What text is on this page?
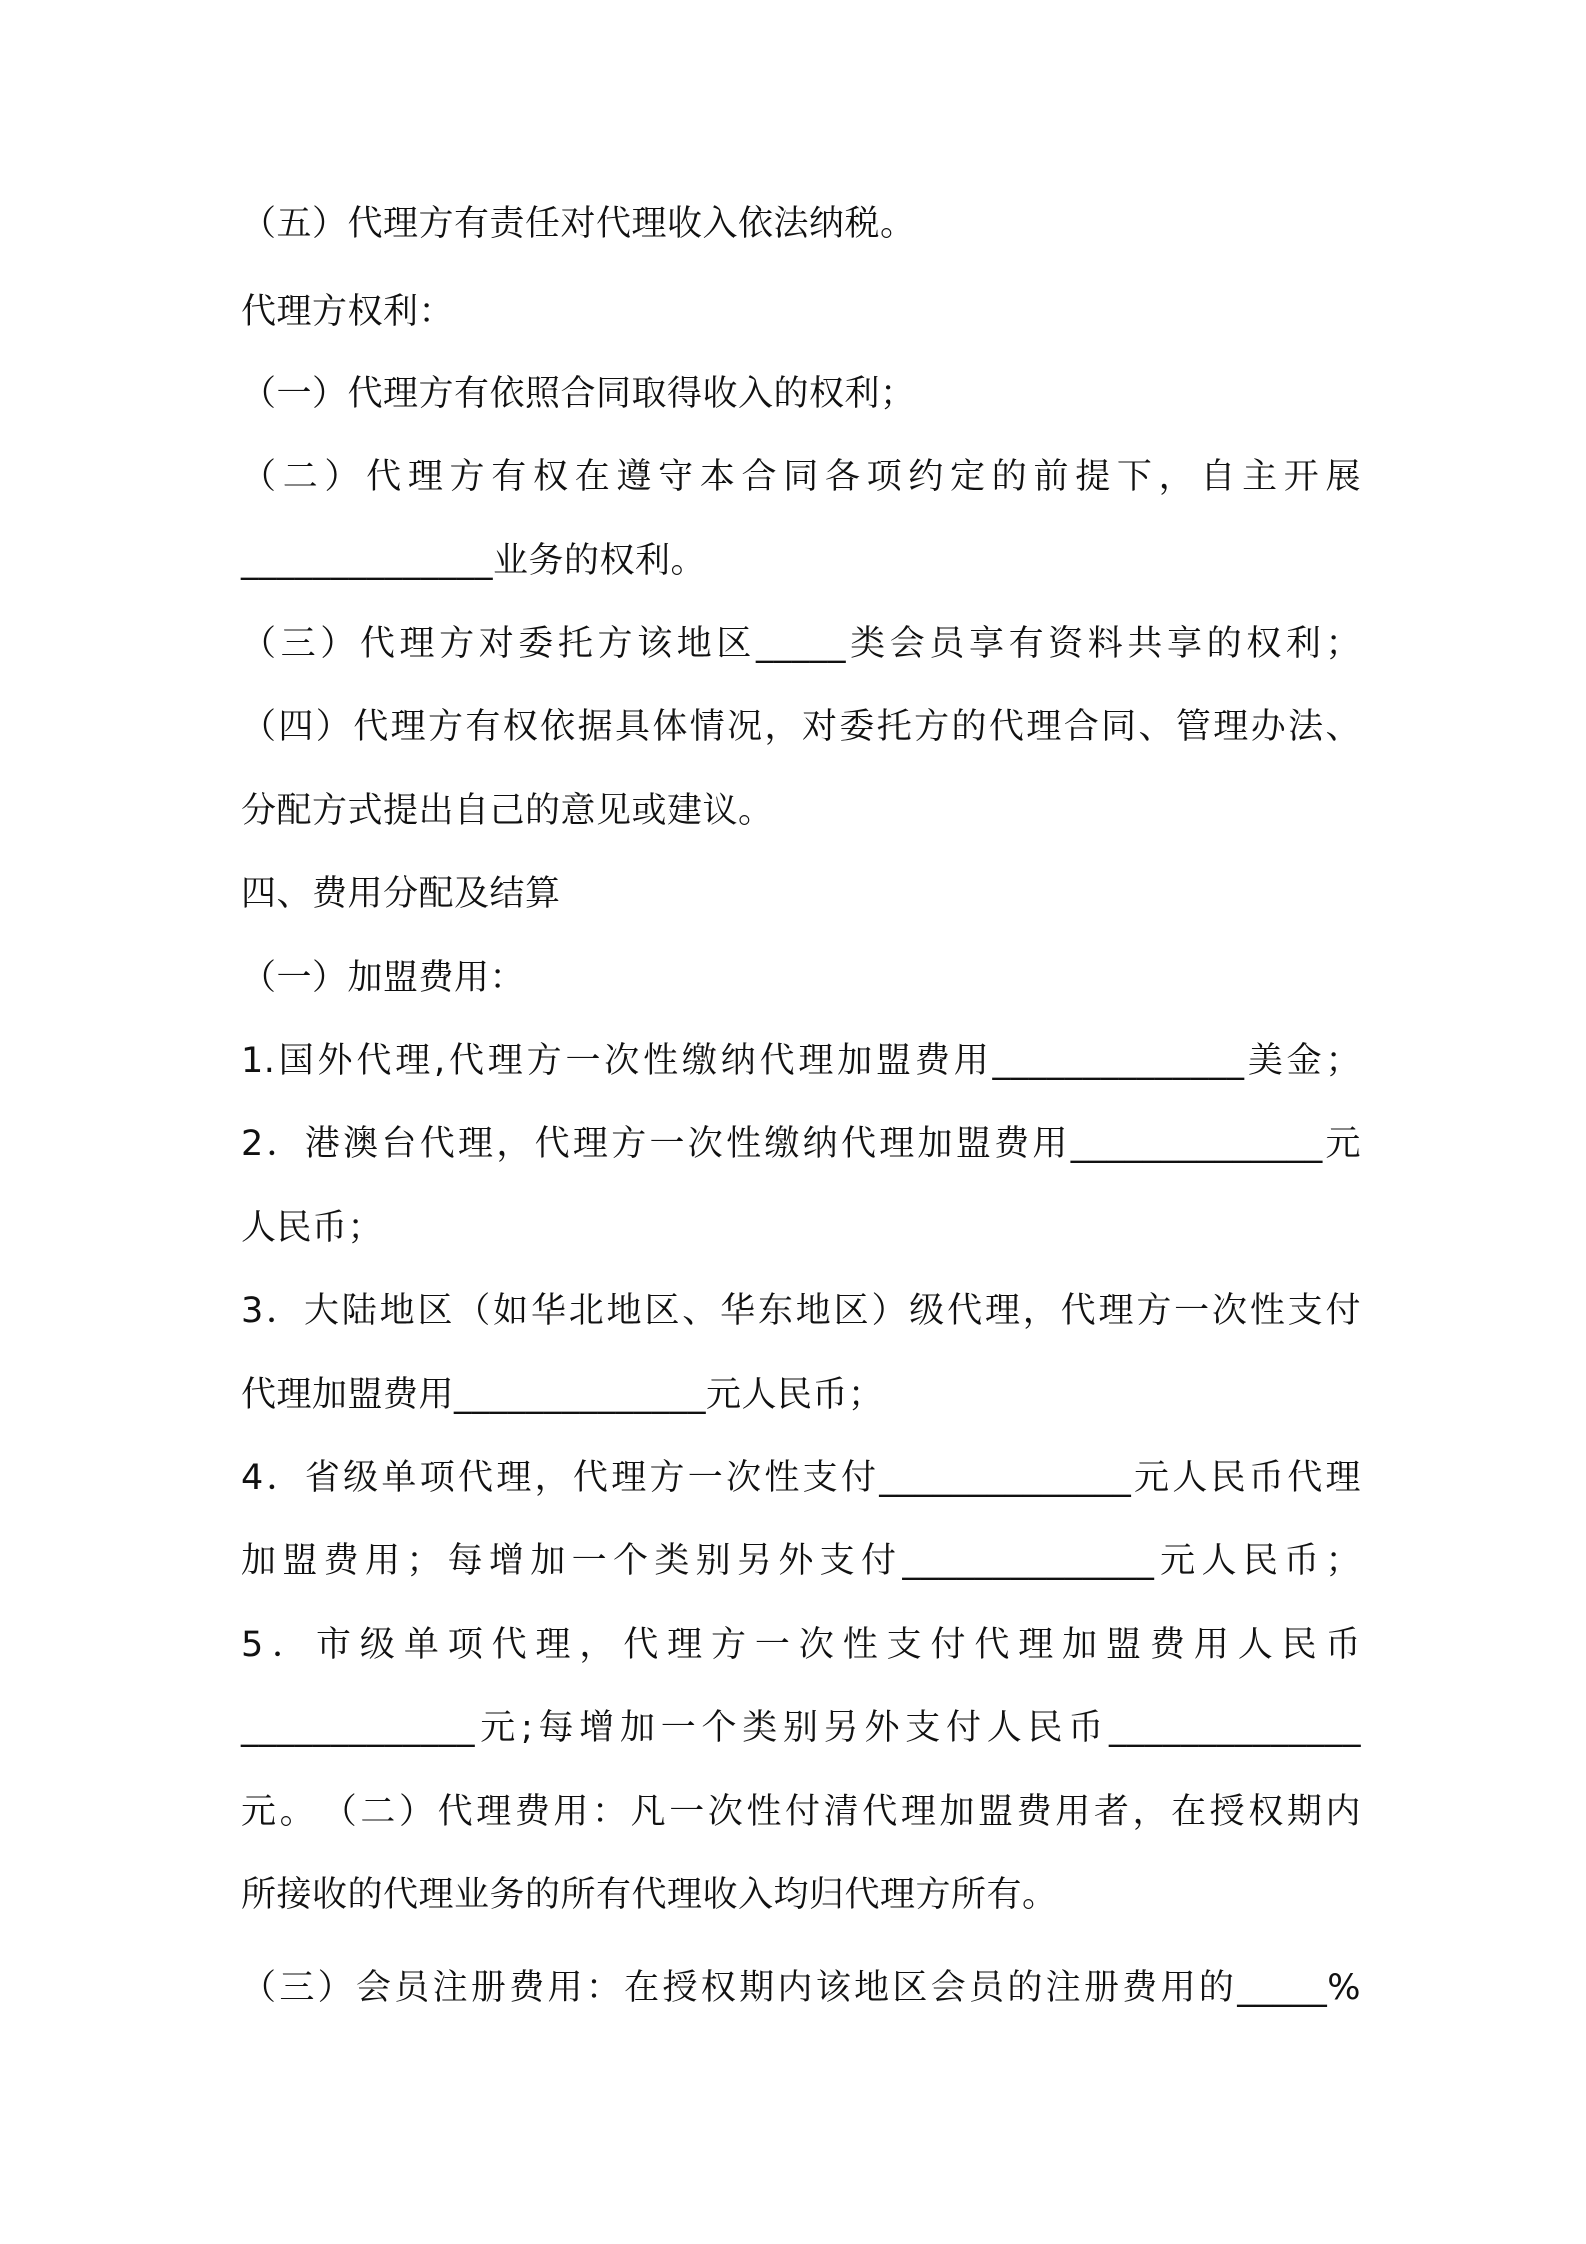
（五）代理方有责任对代理收入依法纳税。
代理方权利：
（一）代理方有依照合同取得收入的权利；
（二）代理方有权在遵守本合同各项约定的前提下，自主开展
______________业务的权利。
（三）代理方对委托方该地区_____类会员享有资料共享的权利；
（四）代理方有权依据具体情况，对委托方的代理合同、管理办法、
分配方式提出自己的意见或建议。
四、费用分配及结算
（一）加盟费用：
1.国外代理,代理方一次性缴纳代理加盟费用______________美金；
2．港澳台代理，代理方一次性缴纳代理加盟费用______________元
人民币；
3．大陆地区（如华北地区、华东地区）级代理，代理方一次性支付
代理加盟费用______________元人民币；
4．省级单项代理，代理方一次性支付______________元人民币代理
加盟费用；每增加一个类别另外支付______________元人民币；
5．市级单项代理，代理方一次性支付代理加盟费用人民币
_____________元;每增加一个类别另外支付人民币______________
元。　（二）代理费用：凡一次性付清代理加盟费用者，在授权期内
所接收的代理业务的所有代理收入均归代理方所有。
（三）会员注册费用：在授权期内该地区会员的注册费用的_____%
